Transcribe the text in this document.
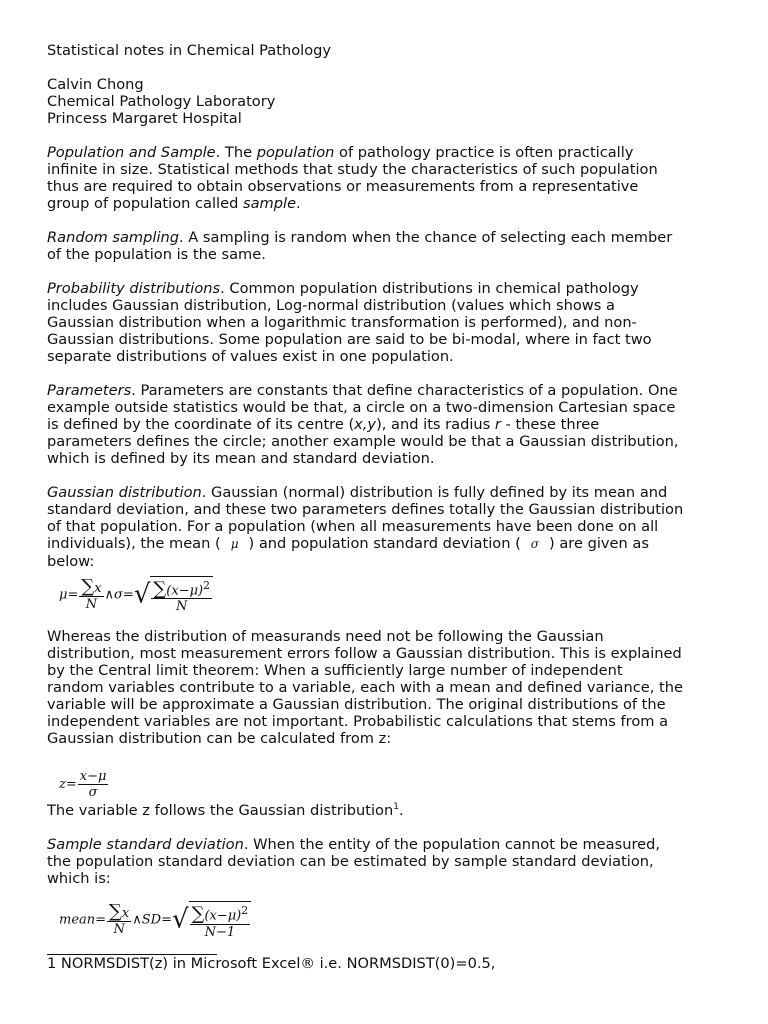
Statistical notes in Chemical Pathology
Calvin Chong
Chemical Pathology Laboratory
Princess Margaret Hospital

Population and Sample. The population of pathology practice is often practically
infinite in size. Statistical methods that study the characteristics of such population
thus are required to obtain observations or measurements from a representative
group of population called sample.

Random sampling. A sampling is random when the chance of selecting each member
of the population is the same.

Probability distributions. Common population distributions in chemical pathology
includes Gaussian distribution, Log-normal distribution (values which shows a
Gaussian distribution when a logarithmic transformation is performed), and non-
Gaussian distributions. Some population are said to be bi-modal, where in fact two
separate distributions of values exist in one population.

Parameters. Parameters are constants that define characteristics of a population. One
example outside statistics would be that, a circle on a two-dimension Cartesian space
is defined by the coordinate of its centre (x,y), and its radius r - these three
parameters defines the circle; another example would be that a Gaussian distribution,
which is defined by its mean and standard deviation.

Gaussian distribution. Gaussian (normal) distribution is fully defined by its mean and
standard deviation, and these two parameters defines totally the Gaussian distribution
of that population. For a population (when all measurements have been done on all
individuals), the mean ( μ ) and population standard deviation ( σ ) are given as
below:

$\mu= \frac{\sum x}{N}$ ∧σ=√ $\frac{\sum(x-\mu)^2}{N}$

Whereas the distribution of measurands need not be following the Gaussian
distribution, most measurement errors follow a Gaussian distribution. This is explained
by the Central limit theorem: When a sufficiently large number of independent
random variables contribute to a variable, each with a mean and defined variance, the
variable will be approximate a Gaussian distribution. The original distributions of the
independent variables are not important. Probabilistic calculations that stems from a
Gaussian distribution can be calculated from z:

$z= \frac{x-\mu}{\sigma}$

The variable z follows the Gaussian distribution$^1$.

Sample standard deviation. When the entity of the population cannot be measured,
the population standard deviation can be estimated by sample standard deviation,
which is:

mean= $\frac{\sum x}{N}$ ∧SD=√ $\frac{\sum(x-\mu)^2}{N-1}$
1 NORMSDIST(z) in Microsoft Excel® i.e. NORMSDIST(0)=0.5,
